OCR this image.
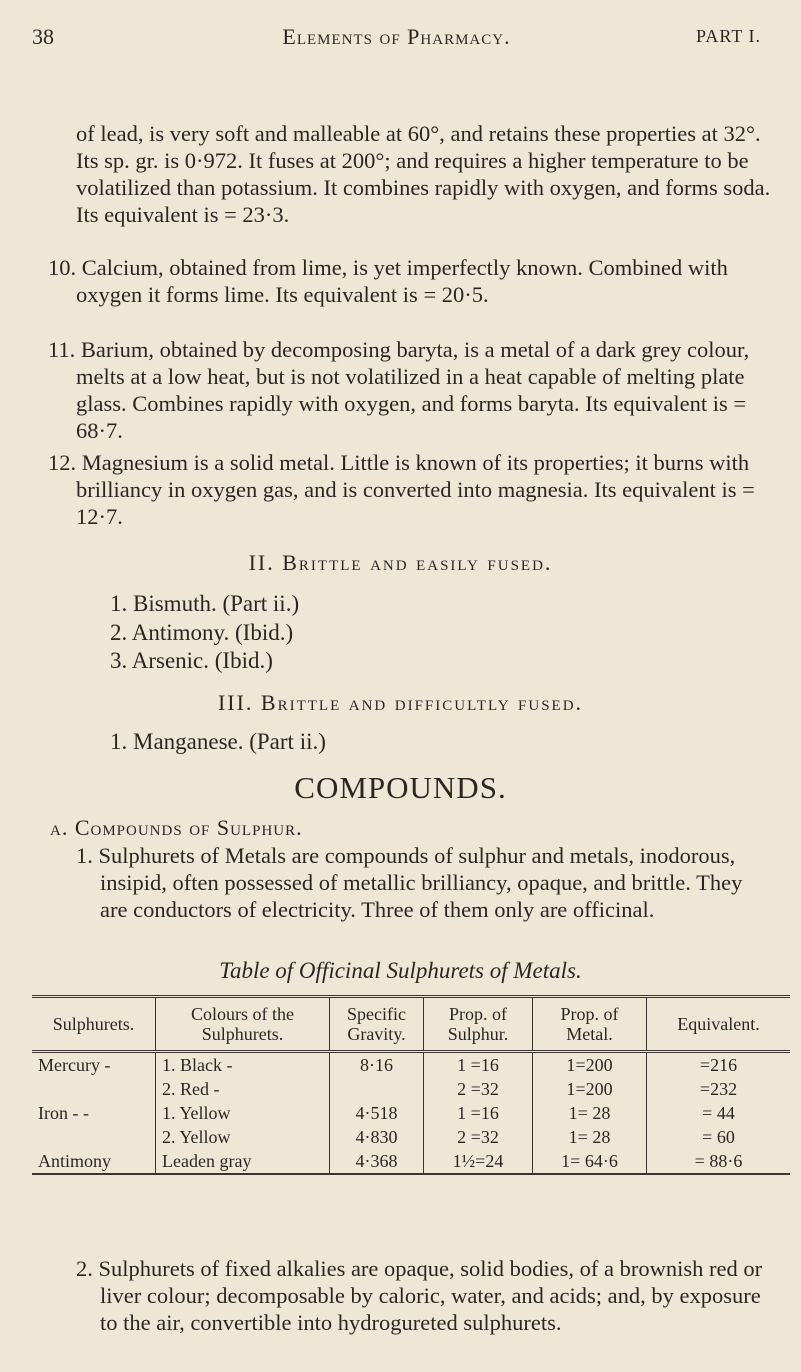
38	Elements of Pharmacy.	PART I.

of lead, is very soft and malleable at 60°, and retains these properties at 32°. Its sp. gr. is 0·972. It fuses at 200°; and requires a higher temperature to be volatilized than potassium. It combines rapidly with oxygen, and forms soda. Its equivalent is = 23·3.

10. Calcium, obtained from lime, is yet imperfectly known. Combined with oxygen it forms lime. Its equivalent is = 20·5.

11. Barium, obtained by decomposing baryta, is a metal of a dark grey colour, melts at a low heat, but is not volatilized in a heat capable of melting plate glass. Combines rapidly with oxygen, and forms baryta. Its equivalent is = 68·7.

12. Magnesium is a solid metal. Little is known of its properties; it burns with brilliancy in oxygen gas, and is converted into magnesia. Its equivalent is = 12·7.

II. Brittle and easily fused.
1. Bismuth. (Part ii.)
2. Antimony. (Ibid.)
3. Arsenic. (Ibid.)
III. Brittle and difficultly fused.
1. Manganese. (Part ii.)
COMPOUNDS.
a. Compounds of Sulphur.

1. Sulphurets of Metals are compounds of sulphur and metals, inodorous, insipid, often possessed of metallic brilliancy, opaque, and brittle. They are conductors of electricity. Three of them only are officinal.

Table of Officinal Sulphurets of Metals.
Sulphurets.	Colours of the Sulphurets.	Specific Gravity.	Prop. of Sulphur.	Prop. of Metal.	Equivalent.
Mercury -	1. Black -	8·16	1 =16	1=200	=216
	2. Red -		2 =32	1=200	=232
Iron - -	1. Yellow	4·518	1 =16	1= 28	= 44
	2. Yellow	4·830	2 =32	1= 28	= 60
Antimony	Leaden gray	4·368	1½=24	1= 64·6	= 88·6

2. Sulphurets of fixed alkalies are opaque, solid bodies, of a brownish red or liver colour; decomposable by caloric, water, and acids; and, by exposure to the air, convertible into hydrogureted sulphurets.
